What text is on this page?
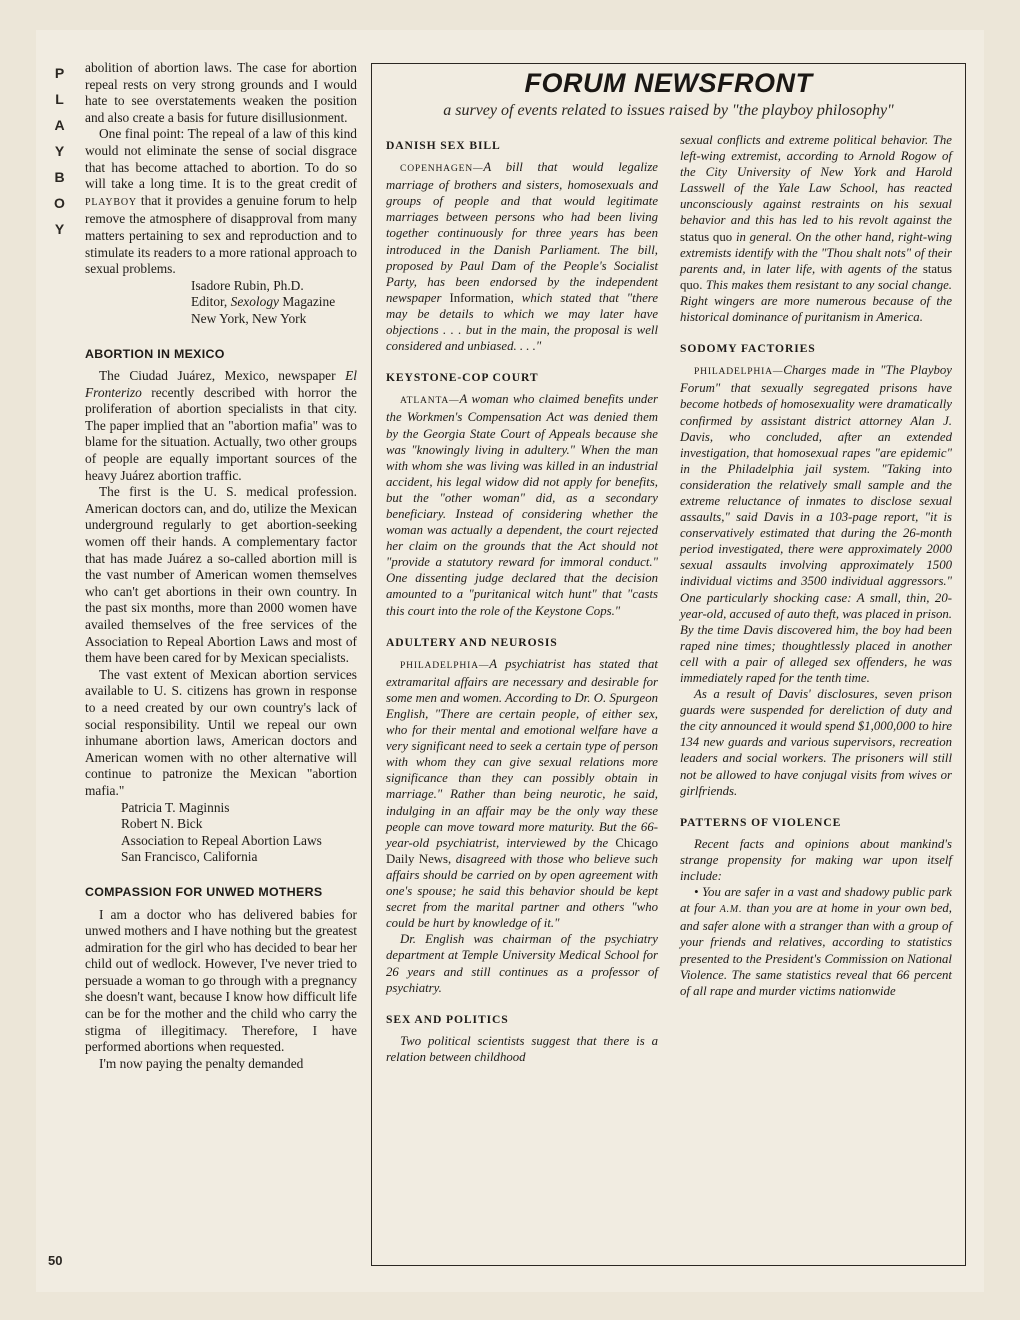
P
L
A
Y
B
O
Y
50

abolition of abortion laws. The case for abortion repeal rests on very strong grounds and I would hate to see overstatements weaken the position and also create a basis for future disillusionment.

One final point: The repeal of a law of this kind would not eliminate the sense of social disgrace that has become attached to abortion. To do so will take a long time. It is to the great credit of PLAYBOY that it provides a genuine forum to help remove the atmosphere of disapproval from many matters pertaining to sex and reproduction and to stimulate its readers to a more rational approach to sexual problems.

Isadore Rubin, Ph.D.

Editor, Sexology Magazine

New York, New York

ABORTION IN MEXICO

The Ciudad Juárez, Mexico, newspaper El Fronterizo recently described with horror the proliferation of abortion specialists in that city. The paper implied that an "abortion mafia" was to blame for the situation. Actually, two other groups of people are equally important sources of the heavy Juárez abortion traffic.

The first is the U. S. medical profession. American doctors can, and do, utilize the Mexican underground regularly to get abortion-seeking women off their hands. A complementary factor that has made Juárez a so-called abortion mill is the vast number of American women themselves who can't get abortions in their own country. In the past six months, more than 2000 women have availed themselves of the free services of the Association to Repeal Abortion Laws and most of them have been cared for by Mexican specialists.

The vast extent of Mexican abortion services available to U. S. citizens has grown in response to a need created by our own country's lack of social responsibility. Until we repeal our own inhumane abortion laws, American doctors and American women with no other alternative will continue to patronize the Mexican "abortion mafia."

Patricia T. Maginnis

Robert N. Bick

Association to Repeal Abortion Laws

San Francisco, California

COMPASSION FOR UNWED MOTHERS

I am a doctor who has delivered babies for unwed mothers and I have nothing but the greatest admiration for the girl who has decided to bear her child out of wedlock. However, I've never tried to persuade a woman to go through with a pregnancy she doesn't want, because I know how difficult life can be for the mother and the child who carry the stigma of illegitimacy. Therefore, I have performed abortions when requested.

I'm now paying the penalty demanded

FORUM NEWSFRONT
a survey of events related to issues raised by "the playboy philosophy"
DANISH SEX BILL

COPENHAGEN—A bill that would legalize marriage of brothers and sisters, homosexuals and groups of people and that would legitimate marriages between persons who had been living together continuously for three years has been introduced in the Danish Parliament. The bill, proposed by Paul Dam of the People's Socialist Party, has been endorsed by the independent newspaper Information, which stated that "there may be details to which we may later have objections . . . but in the main, the proposal is well considered and unbiased. . . ."

KEYSTONE-COP COURT

ATLANTA—A woman who claimed benefits under the Workmen's Compensation Act was denied them by the Georgia State Court of Appeals because she was "knowingly living in adultery." When the man with whom she was living was killed in an industrial accident, his legal widow did not apply for benefits, but the "other woman" did, as a secondary beneficiary. Instead of considering whether the woman was actually a dependent, the court rejected her claim on the grounds that the Act should not "provide a statutory reward for immoral conduct." One dissenting judge declared that the decision amounted to a "puritanical witch hunt" that "casts this court into the role of the Keystone Cops."

ADULTERY AND NEUROSIS

PHILADELPHIA—A psychiatrist has stated that extramarital affairs are necessary and desirable for some men and women. According to Dr. O. Spurgeon English, "There are certain people, of either sex, who for their mental and emotional welfare have a very significant need to seek a certain type of person with whom they can give sexual relations more significance than they can possibly obtain in marriage." Rather than being neurotic, he said, indulging in an affair may be the only way these people can move toward more maturity. But the 66-year-old psychiatrist, interviewed by the Chicago Daily News, disagreed with those who believe such affairs should be carried on by open agreement with one's spouse; he said this behavior should be kept secret from the marital partner and others "who could be hurt by knowledge of it."

Dr. English was chairman of the psychiatry department at Temple University Medical School for 26 years and still continues as a professor of psychiatry.

SEX AND POLITICS

Two political scientists suggest that there is a relation between childhood

sexual conflicts and extreme political behavior. The left-wing extremist, according to Arnold Rogow of the City University of New York and Harold Lasswell of the Yale Law School, has reacted unconsciously against restraints on his sexual behavior and this has led to his revolt against the status quo in general. On the other hand, right-wing extremists identify with the "Thou shalt nots" of their parents and, in later life, with agents of the status quo. This makes them resistant to any social change. Right wingers are more numerous because of the historical dominance of puritanism in America.

SODOMY FACTORIES

PHILADELPHIA—Charges made in "The Playboy Forum" that sexually segregated prisons have become hotbeds of homosexuality were dramatically confirmed by assistant district attorney Alan J. Davis, who concluded, after an extended investigation, that homosexual rapes "are epidemic" in the Philadelphia jail system. "Taking into consideration the relatively small sample and the extreme reluctance of inmates to disclose sexual assaults," said Davis in a 103-page report, "it is conservatively estimated that during the 26-month period investigated, there were approximately 2000 sexual assaults involving approximately 1500 individual victims and 3500 individual aggressors." One particularly shocking case: A small, thin, 20-year-old, accused of auto theft, was placed in prison. By the time Davis discovered him, the boy had been raped nine times; thoughtlessly placed in another cell with a pair of alleged sex offenders, he was immediately raped for the tenth time.

As a result of Davis' disclosures, seven prison guards were suspended for dereliction of duty and the city announced it would spend $1,000,000 to hire 134 new guards and various supervisors, recreation leaders and social workers. The prisoners will still not be allowed to have conjugal visits from wives or girlfriends.

PATTERNS OF VIOLENCE

Recent facts and opinions about mankind's strange propensity for making war upon itself include:

• You are safer in a vast and shadowy public park at four A.M. than you are at home in your own bed, and safer alone with a stranger than with a group of your friends and relatives, according to statistics presented to the President's Commission on National Violence. The same statistics reveal that 66 percent of all rape and murder victims nationwide
